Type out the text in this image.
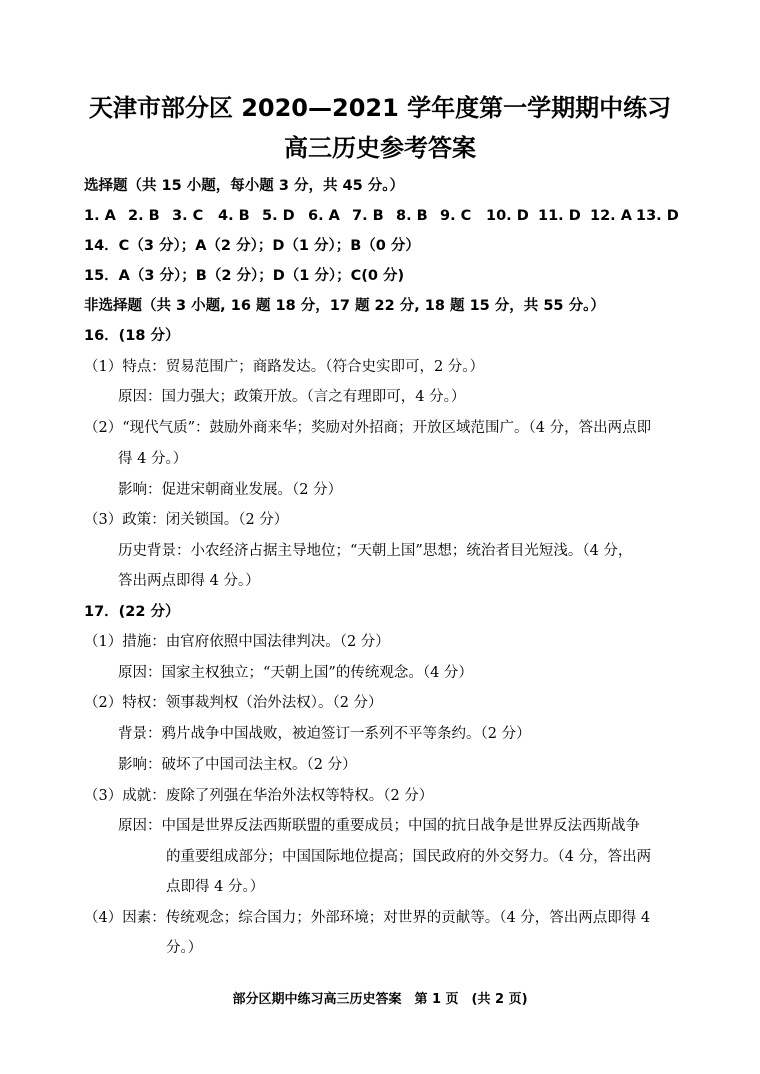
天津市部分区 2020—2021 学年度第一学期期中练习
高三历史参考答案
选择题（共 15 小题，每小题 3 分，共 45 分。）
1. A 2. B 3. C	4. B 5. D 6. A 7. B 8. B 9. C	10. D 11. D 12. A 13. D
14．C（3 分）；A（2 分）；D（1 分）；B（0 分）
15．A（3 分）；B（2 分）；D（1 分）；C(0 分)
非选择题（共 3 小题, 16 题 18 分，17 题 22 分, 18 题 15 分，共 55 分。）
16．(18 分）
（1）特点：贸易范围广；商路发达。（符合史实即可，2 分。）
原因：国力强大；政策开放。（言之有理即可，4 分。）
（2）“现代气质”：鼓励外商来华；奖励对外招商；开放区域范围广。（4 分，答出两点即
得 4 分。）
影响：促进宋朝商业发展。（2 分）
（3）政策：闭关锁国。（2 分）
历史背景：小农经济占据主导地位；“天朝上国”思想；统治者目光短浅。（4 分，
答出两点即得 4 分。）
17．(22 分）
（1）措施：由官府依照中国法律判决。（2 分）
原因：国家主权独立；“天朝上国”的传统观念。（4 分）
（2）特权：领事裁判权（治外法权）。（2 分）
背景：鸦片战争中国战败，被迫签订一系列不平等条约。（2 分）
影响：破坏了中国司法主权。（2 分）
（3）成就：废除了列强在华治外法权等特权。（2 分）
原因：中国是世界反法西斯联盟的重要成员；中国的抗日战争是世界反法西斯战争
的重要组成部分；中国国际地位提高；国民政府的外交努力。（4 分，答出两
点即得 4 分。）
（4）因素：传统观念；综合国力；外部环境；对世界的贡献等。（4 分，答出两点即得 4
分。）
部分区期中练习高三历史答案　第 1 页　(共 2 页)
